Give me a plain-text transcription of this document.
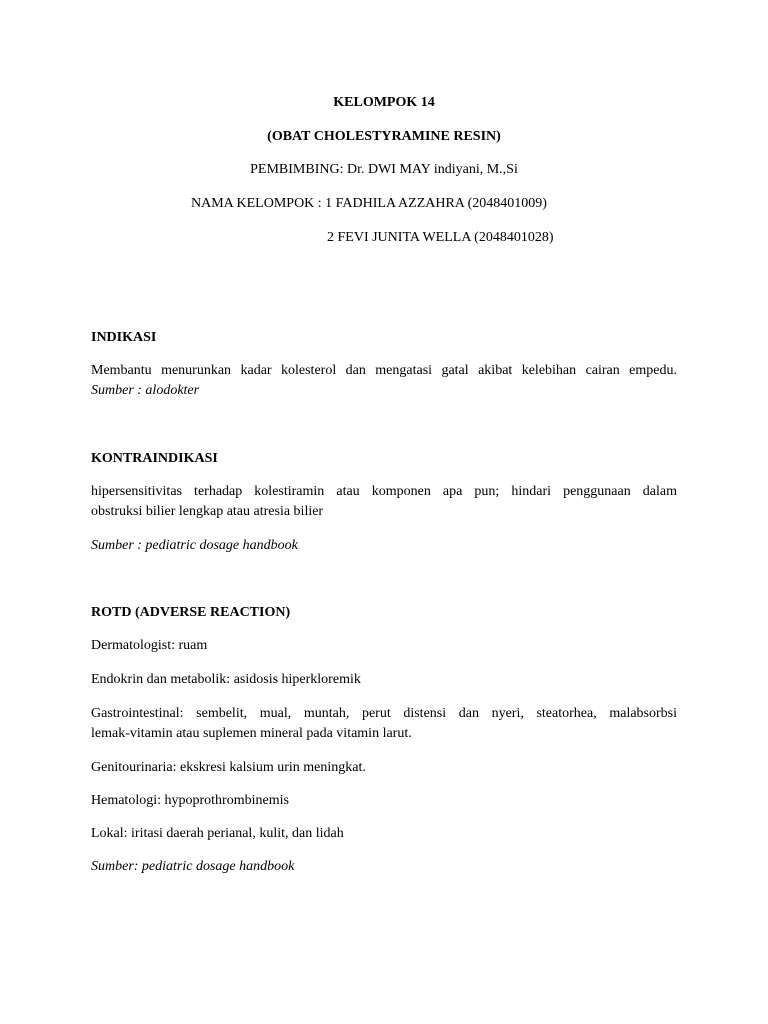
KELOMPOK 14
(OBAT CHOLESTYRAMINE RESIN)
PEMBIMBING: Dr. DWI MAY indiyani, M.,Si
NAMA KELOMPOK : 1 FADHILA AZZAHRA (2048401009)
2 FEVI JUNITA WELLA (2048401028)
INDIKASI
Membantu menurunkan kadar kolesterol dan mengatasi gatal akibat kelebihan cairan empedu.
Sumber : alodokter
KONTRAINDIKASI
hipersensitivitas terhadap kolestiramin atau komponen apa pun; hindari penggunaan dalam
obstruksi bilier lengkap atau atresia bilier
Sumber : pediatric dosage handbook
ROTD (ADVERSE REACTION)
Dermatologist: ruam
Endokrin dan metabolik: asidosis hiperkloremik
Gastrointestinal: sembelit, mual, muntah, perut distensi dan nyeri, steatorhea, malabsorbsi
lemak-vitamin atau suplemen mineral pada vitamin larut.
Genitourinaria: ekskresi kalsium urin meningkat.
Hematologi: hypoprothrombinemis
Lokal: iritasi daerah perianal, kulit, dan lidah
Sumber: pediatric dosage handbook
